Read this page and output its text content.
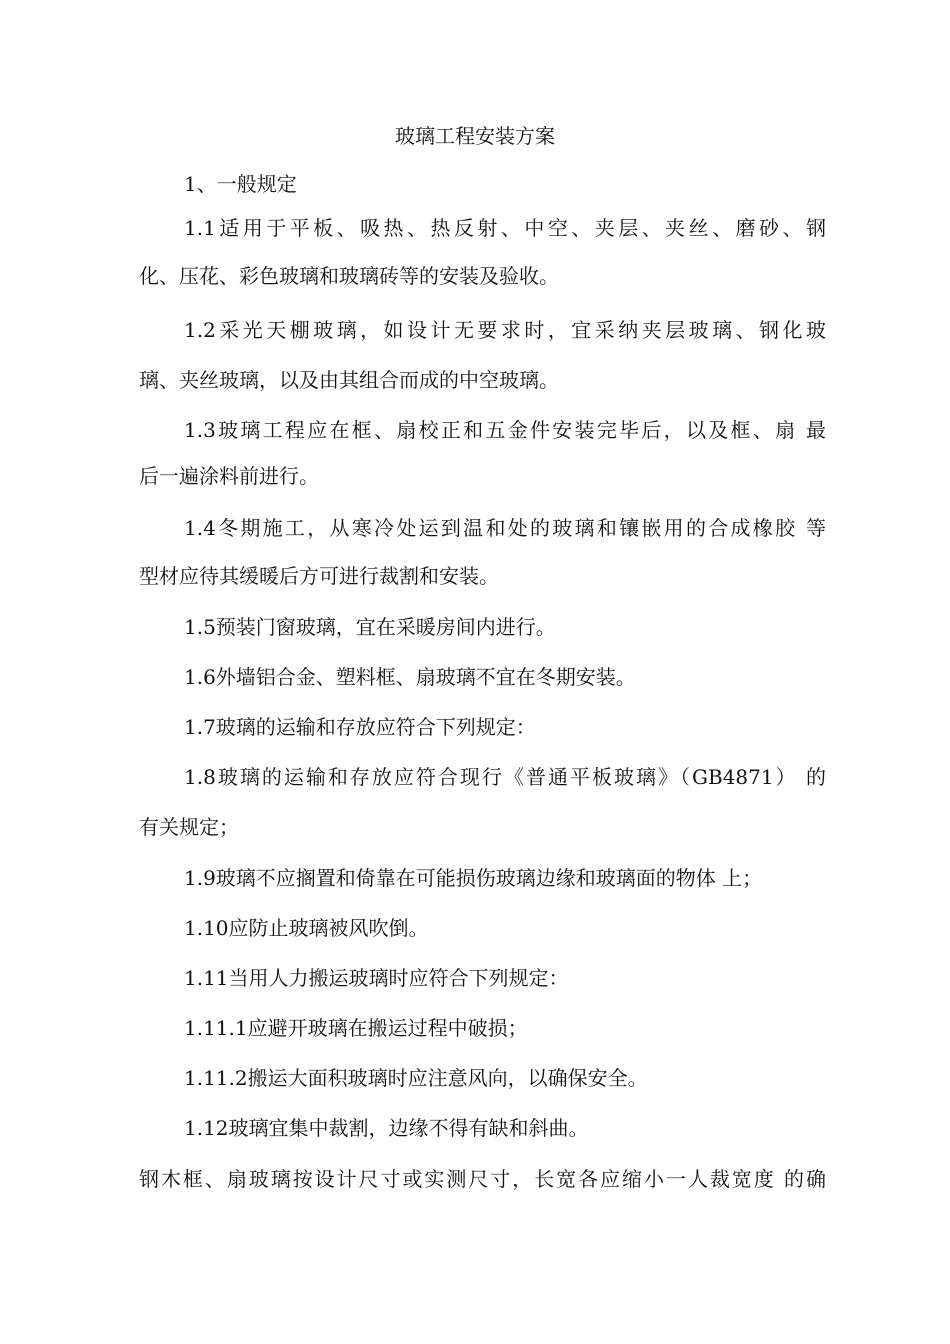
玻璃工程安装方案
1、一般规定
1.1适用于平板、吸热、热反射、中空、夹层、夹丝、磨砂、钢
化、压花、彩色玻璃和玻璃砖等的安装及验收。
1.2采光天棚玻璃，如设计无要求时，宜采纳夹层玻璃、钢化玻
璃、夹丝玻璃，以及由其组合而成的中空玻璃。
1.3玻璃工程应在框、扇校正和五金件安装完毕后，以及框、扇 最
后一遍涂料前进行。
1.4冬期施工，从寒冷处运到温和处的玻璃和镶嵌用的合成橡胶 等
型材应待其缓暖后方可进行裁割和安装。
1.5预装门窗玻璃，宜在采暖房间内进行。
1.6外墙铝合金、塑料框、扇玻璃不宜在冬期安装。
1.7玻璃的运输和存放应符合下列规定：
1.8玻璃的运输和存放应符合现行《普通平板玻璃》（GB4871） 的
有关规定；
1.9玻璃不应搁置和倚靠在可能损伤玻璃边缘和玻璃面的物体 上；
1.10应防止玻璃被风吹倒。
1.11当用人力搬运玻璃时应符合下列规定：
1.11.1应避开玻璃在搬运过程中破损；
1.11.2搬运大面积玻璃时应注意风向，以确保安全。
1.12玻璃宜集中裁割，边缘不得有缺和斜曲。
钢木框、扇玻璃按设计尺寸或实测尺寸，长宽各应缩小一人裁宽度 的确
